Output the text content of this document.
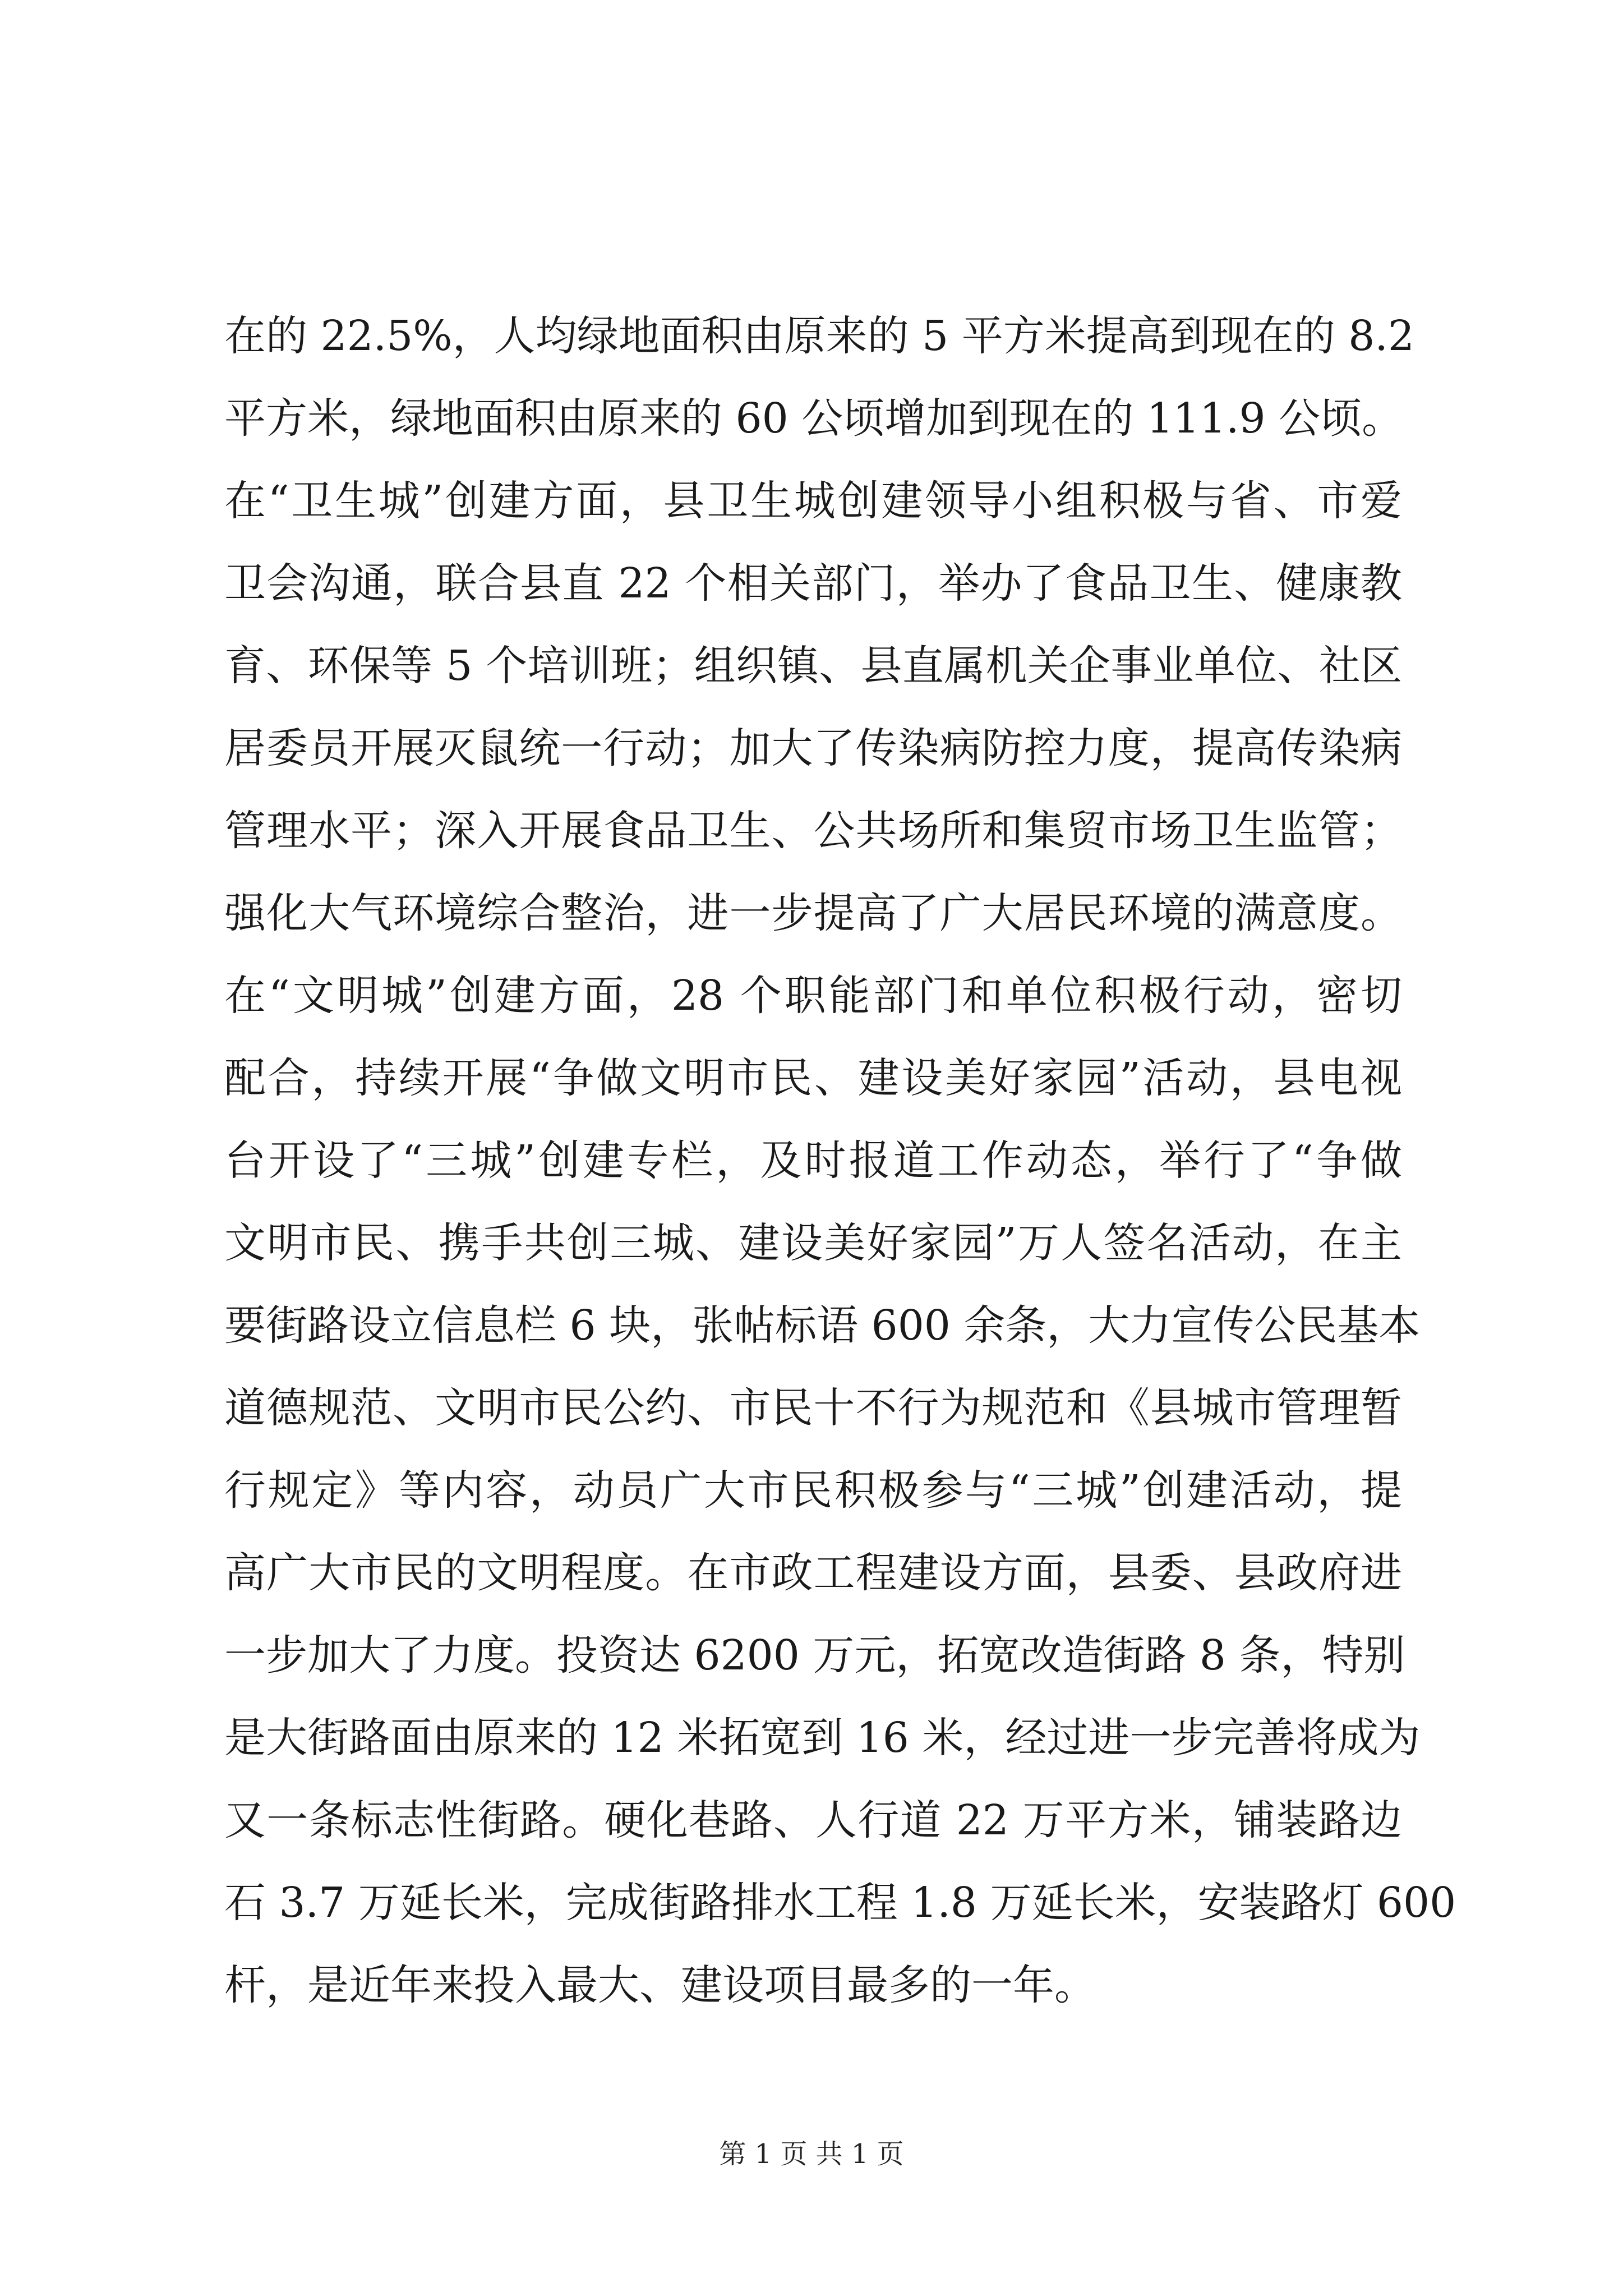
在的 22.5%，人均绿地面积由原来的 5 平方米提高到现在的 8.2
平方米，绿地面积由原来的 60 公顷增加到现在的 111.9 公顷。
在“卫生城”创建方面，县卫生城创建领导小组积极与省、市爱
卫会沟通，联合县直 22 个相关部门，举办了食品卫生、健康教
育、环保等 5 个培训班；组织镇、县直属机关企事业单位、社区
居委员开展灭鼠统一行动；加大了传染病防控力度，提高传染病
管理水平；深入开展食品卫生、公共场所和集贸市场卫生监管；
强化大气环境综合整治，进一步提高了广大居民环境的满意度。
在“文明城”创建方面，28 个职能部门和单位积极行动，密切
配合，持续开展“争做文明市民、建设美好家园”活动，县电视
台开设了“三城”创建专栏，及时报道工作动态，举行了“争做
文明市民、携手共创三城、建设美好家园”万人签名活动，在主
要街路设立信息栏 6 块，张帖标语 600 余条，大力宣传公民基本
道德规范、文明市民公约、市民十不行为规范和《县城市管理暂
行规定》等内容，动员广大市民积极参与“三城”创建活动，提
高广大市民的文明程度。在市政工程建设方面，县委、县政府进
一步加大了力度。投资达 6200 万元，拓宽改造街路 8 条，特别
是大街路面由原来的 12 米拓宽到 16 米，经过进一步完善将成为
又一条标志性街路。硬化巷路、人行道 22 万平方米，铺装路边
石 3.7 万延长米，完成街路排水工程 1.8 万延长米，安装路灯 600
杆，是近年来投入最大、建设项目最多的一年。
第 1 页 共 1 页
